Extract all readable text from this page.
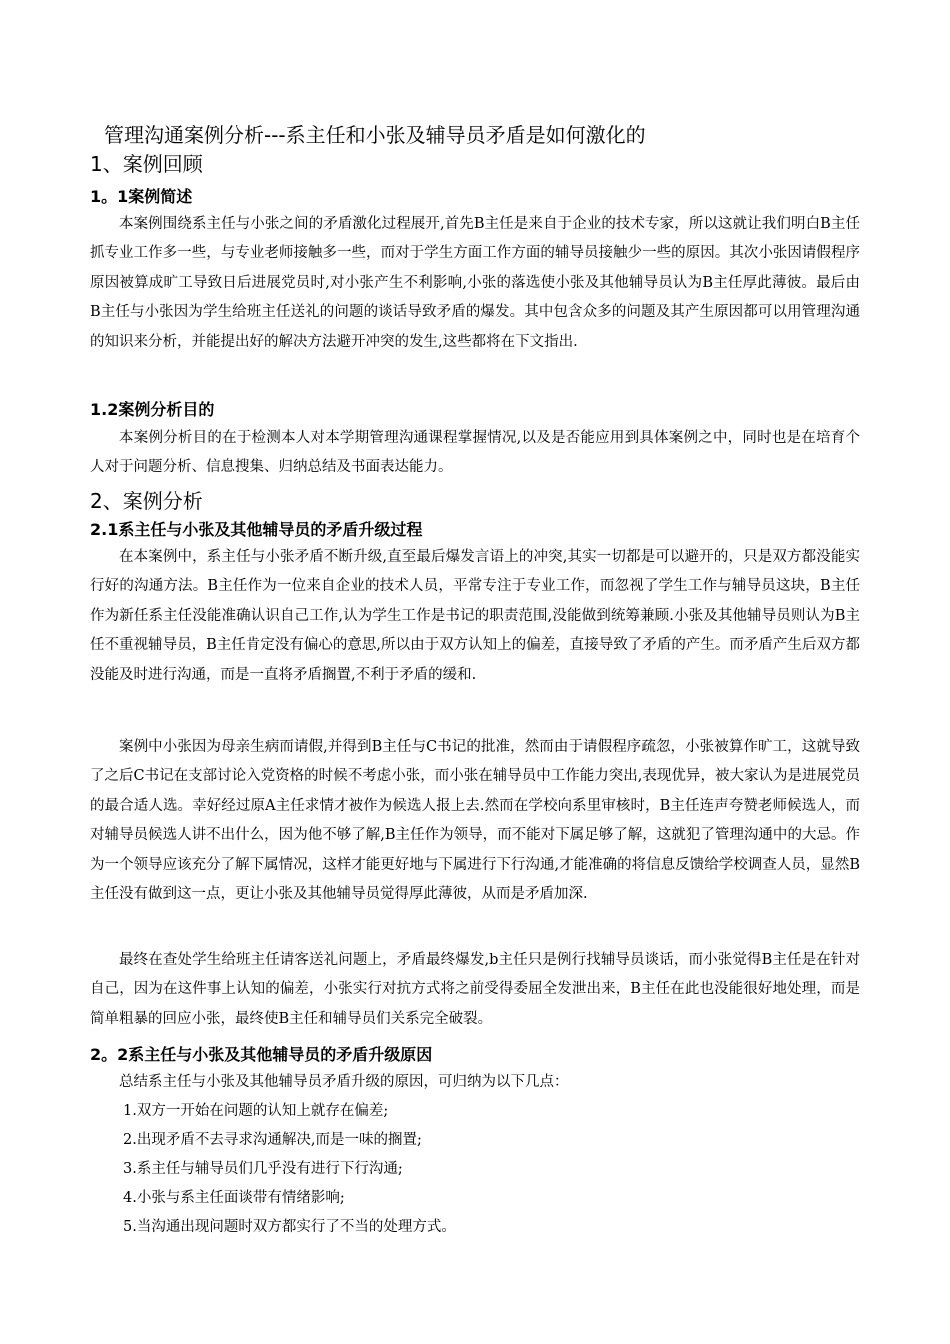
管理沟通案例分析---系主任和小张及辅导员矛盾是如何激化的
1、案例回顾
1。1案例简述

本案例围绕系主任与小张之间的矛盾激化过程展开,首先B主任是来自于企业的技术专家，所以这就让我们明白B主任抓专业工作多一些，与专业老师接触多一些，而对于学生方面工作方面的辅导员接触少一些的原因。其次小张因请假程序原因被算成旷工导致日后进展党员时,对小张产生不利影响,小张的落选使小张及其他辅导员认为B主任厚此薄彼。最后由B主任与小张因为学生给班主任送礼的问题的谈话导致矛盾的爆发。其中包含众多的问题及其产生原因都可以用管理沟通的知识来分析，并能提出好的解决方法避开冲突的发生,这些都将在下文指出.

1.2案例分析目的

本案例分析目的在于检测本人对本学期管理沟通课程掌握情况,以及是否能应用到具体案例之中，同时也是在培育个人对于问题分析、信息搜集、归纳总结及书面表达能力。

2、案例分析
2.1系主任与小张及其他辅导员的矛盾升级过程

在本案例中，系主任与小张矛盾不断升级,直至最后爆发言语上的冲突,其实一切都是可以避开的，只是双方都没能实行好的沟通方法。B主任作为一位来自企业的技术人员，平常专注于专业工作，而忽视了学生工作与辅导员这块，B主任作为新任系主任没能准确认识自己工作,认为学生工作是书记的职责范围,没能做到统筹兼顾.小张及其他辅导员则认为B主任不重视辅导员，B主任肯定没有偏心的意思,所以由于双方认知上的偏差，直接导致了矛盾的产生。而矛盾产生后双方都没能及时进行沟通，而是一直将矛盾搁置,不利于矛盾的缓和.

案例中小张因为母亲生病而请假,并得到B主任与C书记的批准，然而由于请假程序疏忽，小张被算作旷工，这就导致了之后C书记在支部讨论入党资格的时候不考虑小张，而小张在辅导员中工作能力突出,表现优异，被大家认为是进展党员的最合适人选。幸好经过原A主任求情才被作为候选人报上去.然而在学校向系里审核时，B主任连声夸赞老师候选人，而对辅导员候选人讲不出什么，因为他不够了解,B主任作为领导，而不能对下属足够了解，这就犯了管理沟通中的大忌。作为一个领导应该充分了解下属情况，这样才能更好地与下属进行下行沟通,才能准确的将信息反馈给学校调查人员，显然B主任没有做到这一点，更让小张及其他辅导员觉得厚此薄彼，从而是矛盾加深.

最终在查处学生给班主任请客送礼问题上，矛盾最终爆发,b主任只是例行找辅导员谈话，而小张觉得B主任是在针对自己，因为在这件事上认知的偏差，小张实行对抗方式将之前受得委屈全发泄出来，B主任在此也没能很好地处理，而是简单粗暴的回应小张，最终使B主任和辅导员们关系完全破裂。

2。2系主任与小张及其他辅导员的矛盾升级原因

总结系主任与小张及其他辅导员矛盾升级的原因，可归纳为以下几点：

1.双方一开始在问题的认知上就存在偏差;
2.出现矛盾不去寻求沟通解决,而是一味的搁置;
3.系主任与辅导员们几乎没有进行下行沟通;
4.小张与系主任面谈带有情绪影响;
5.当沟通出现问题时双方都实行了不当的处理方式。
